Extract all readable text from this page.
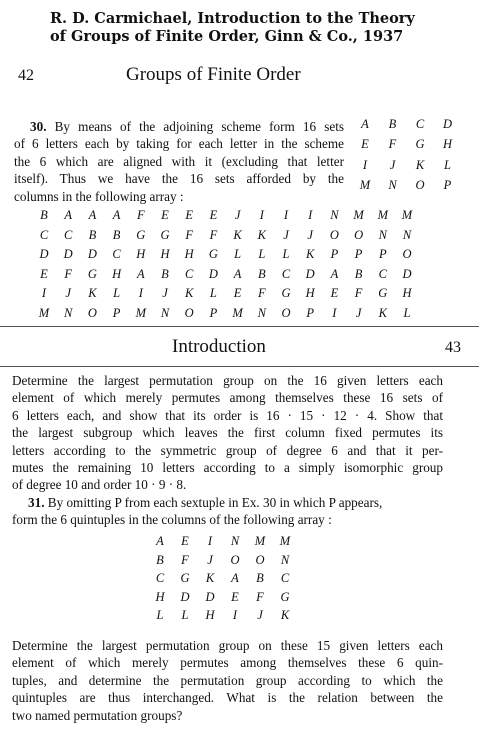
R. D. Carmichael, Introduction to the Theory
of Groups of Finite Order, Ginn & Co., 1937
42	Groups of Finite Order
30. By means of the adjoining scheme form 16 sets
of 6 letters each by taking for each letter in the scheme
the 6 which are aligned with it (excluding that letter
itself). Thus we have the 16 sets afforded by the
columns in the following array :
A	B	C	D
E	F	G	H
I	J	K	L
M	N	O	P
B	A	A	A	F	E	E	E	J	I	I	I	N	M	M	M
C	C	B	B	G	G	F	F	K	K	J	J	O	O	N	N
D	D	D	C	H	H	H	G	L	L	L	K	P	P	P	O
E	F	G	H	A	B	C	D	A	B	C	D	A	B	C	D
I	J	K	L	I	J	K	L	E	F	G	H	E	F	G	H
M	N	O	P	M	N	O	P	M	N	O	P	I	J	K	L
Introduction	43
Determine the largest permutation group on the 16 given letters each
element of which merely permutes among themselves these 16 sets of
6 letters each, and show that its order is 16 · 15 · 12 · 4. Show that
the largest subgroup which leaves the first column fixed permutes its
letters according to the symmetric group of degree 6 and that it per-
mutes the remaining 10 letters according to a simply isomorphic group
of degree 10 and order 10 · 9 · 8.
31. By omitting P from each sextuple in Ex. 30 in which P appears,
form the 6 quintuples in the columns of the following array :
A	E	I	N	M	M
B	F	J	O	O	N
C	G	K	A	B	C
H	D	D	E	F	G
L	L	H	I	J	K
Determine the largest permutation group on these 15 given letters each
element of which merely permutes among themselves these 6 quin-
tuples, and determine the permutation group according to which the
quintuples are thus interchanged. What is the relation between the
two named permutation groups?
